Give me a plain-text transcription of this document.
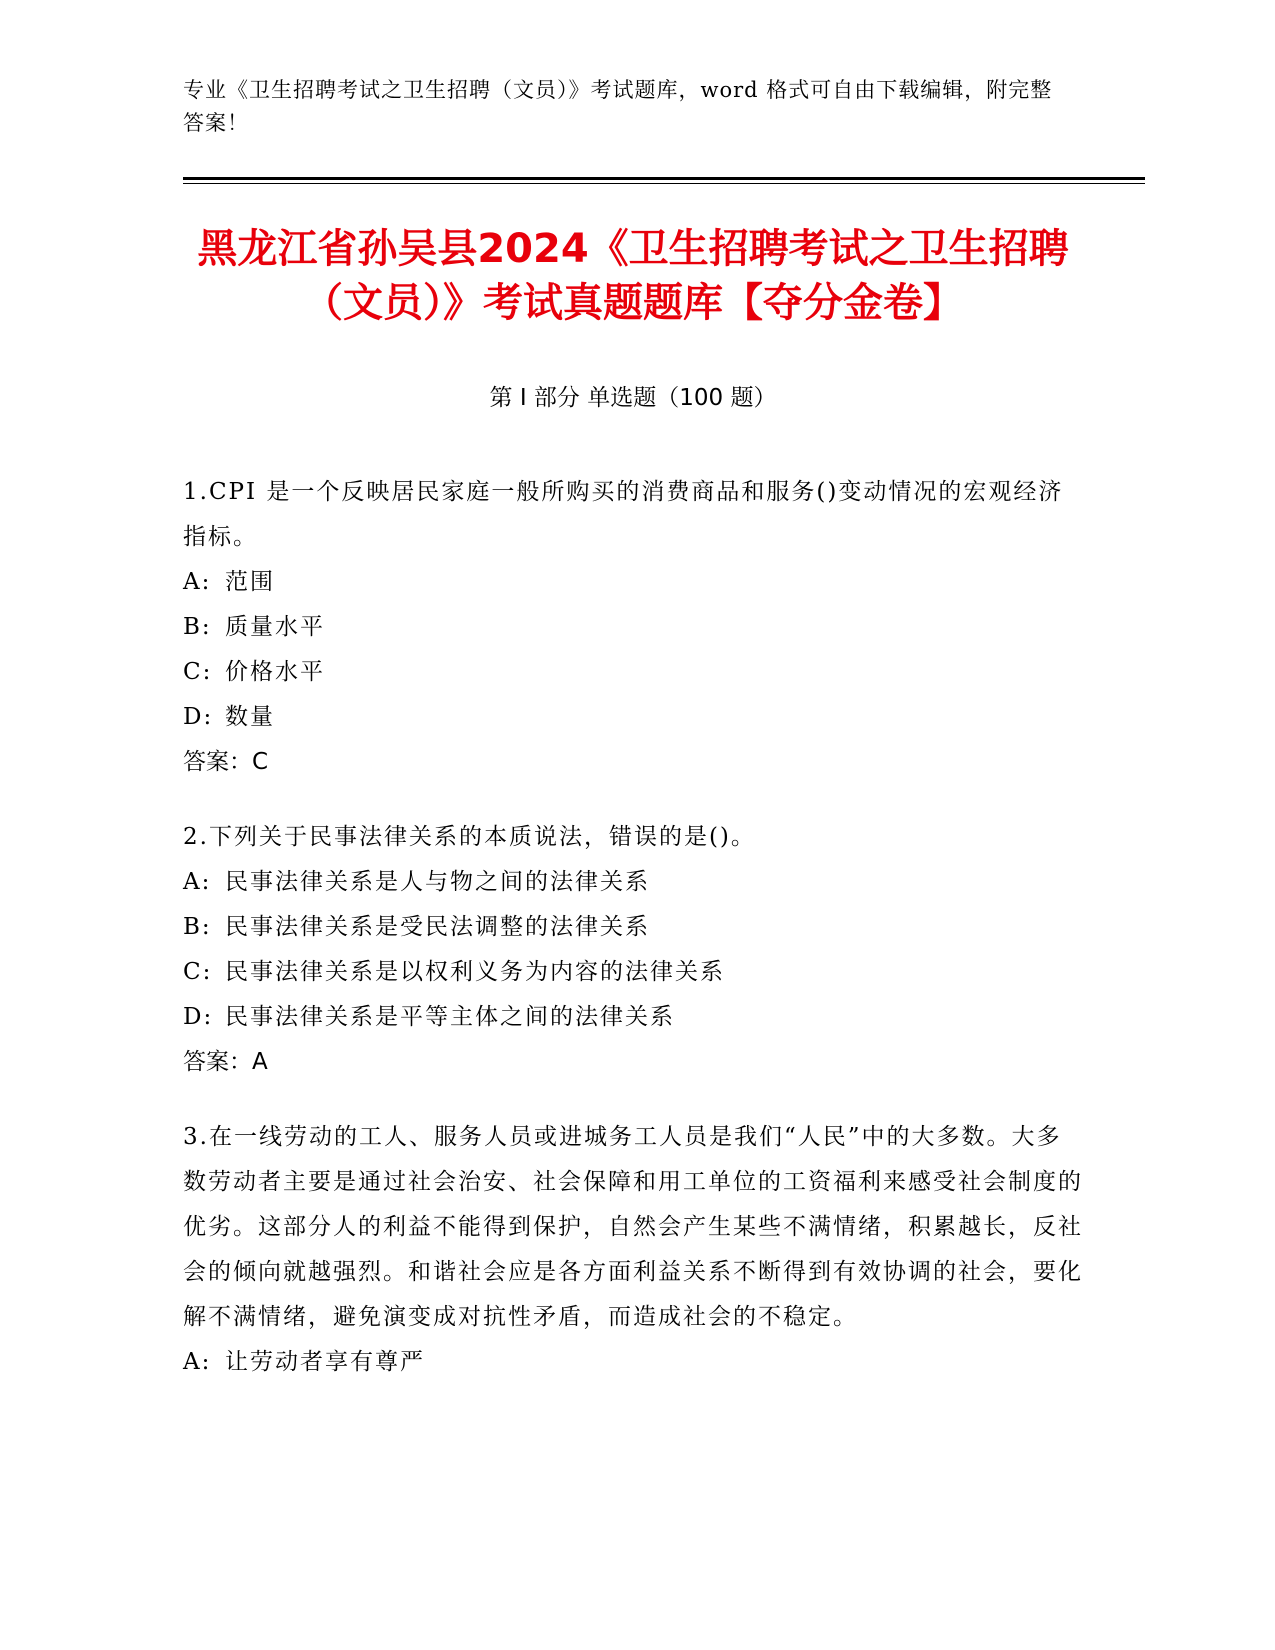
专业《卫生招聘考试之卫生招聘（文员）》考试题库，word 格式可自由下载编辑，附完整答案！
黑龙江省孙吴县2024《卫生招聘考试之卫生招聘（文员）》考试真题题库【夺分金卷】
第 I 部分 单选题（100 题）

1.CPI 是一个反映居民家庭一般所购买的消费商品和服务()变动情况的宏观经济指标。

A: 范围

B: 质量水平

C: 价格水平

D: 数量

答案：C

2.下列关于民事法律关系的本质说法，错误的是()。

A: 民事法律关系是人与物之间的法律关系

B: 民事法律关系是受民法调整的法律关系

C: 民事法律关系是以权利义务为内容的法律关系

D: 民事法律关系是平等主体之间的法律关系

答案：A

3.在一线劳动的工人、服务人员或进城务工人员是我们“人民”中的大多数。大多数劳动者主要是通过社会治安、社会保障和用工单位的工资福利来感受社会制度的优劣。这部分人的利益不能得到保护，自然会产生某些不满情绪，积累越长，反社会的倾向就越强烈。和谐社会应是各方面利益关系不断得到有效协调的社会，要化解不满情绪，避免演变成对抗性矛盾，而造成社会的不稳定。

A: 让劳动者享有尊严
